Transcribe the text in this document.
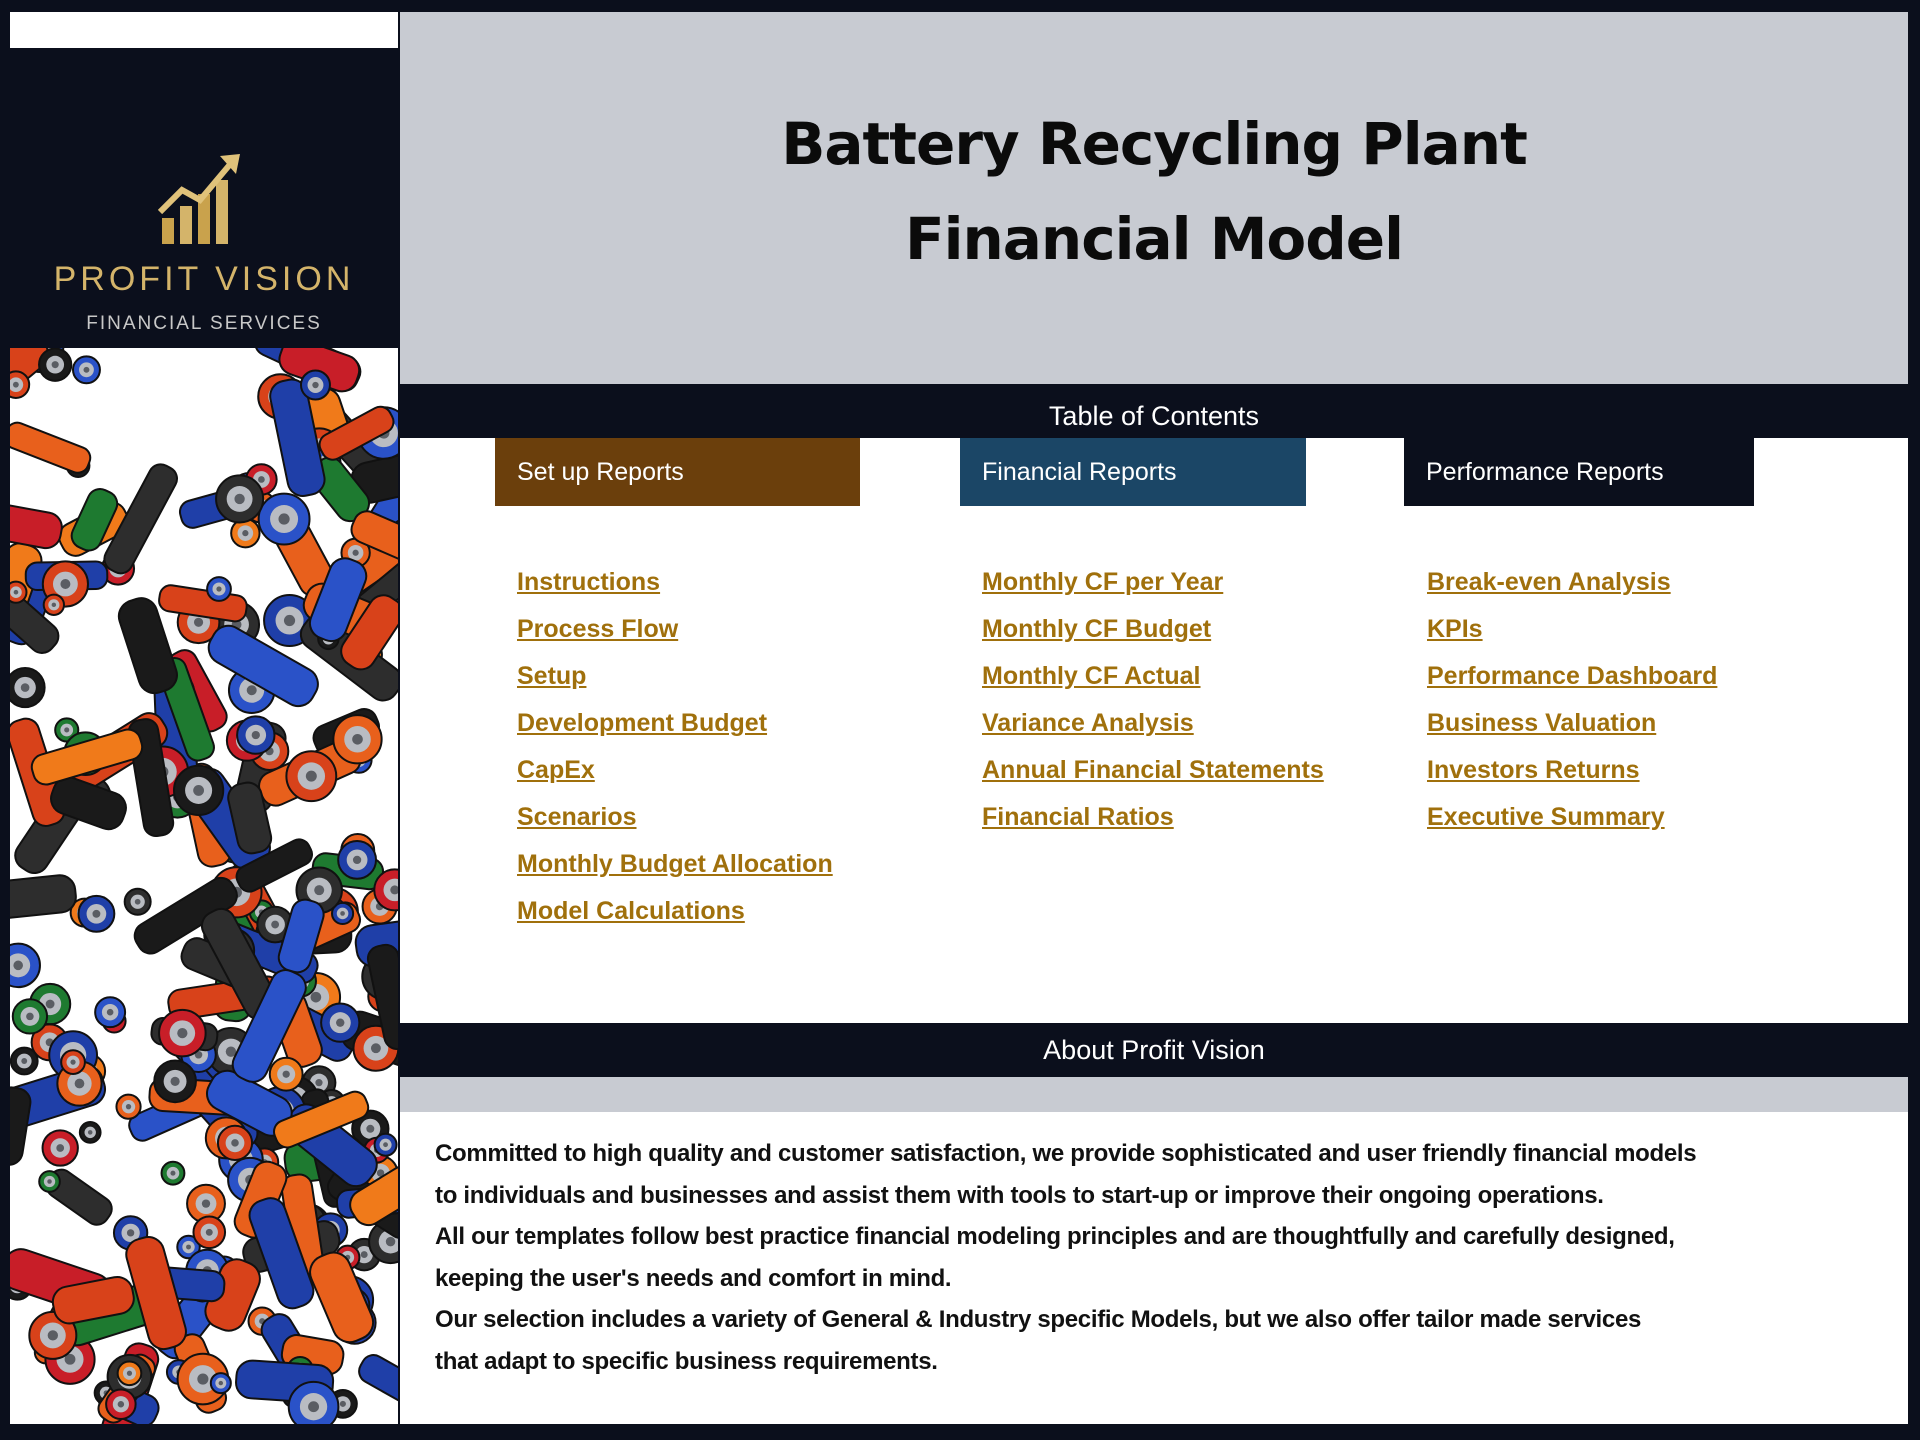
PROFIT VISION
FINANCIAL SERVICES
Battery Recycling Plant
Financial Model
Table of Contents
Set up Reports	Financial Reports	Performance Reports
Instructions
Process Flow
Setup
Development Budget
CapEx
Scenarios
Monthly Budget Allocation
Model Calculations
Monthly CF per Year
Monthly CF Budget
Monthly CF Actual
Variance Analysis
Annual Financial Statements
Financial Ratios
Break-even Analysis
KPIs
Performance Dashboard
Business Valuation
Investors Returns
Executive Summary
About Profit Vision

Committed to high quality and customer satisfaction, we provide sophisticated and user friendly financial models

to individuals and businesses and assist them with tools to start-up or improve their ongoing operations.

All our templates follow best practice financial modeling principles and are thoughtfully and carefully designed,

keeping the user's needs and comfort in mind.

Our selection includes a variety of General & Industry specific Models, but we also offer tailor made services

that adapt to specific business requirements.
